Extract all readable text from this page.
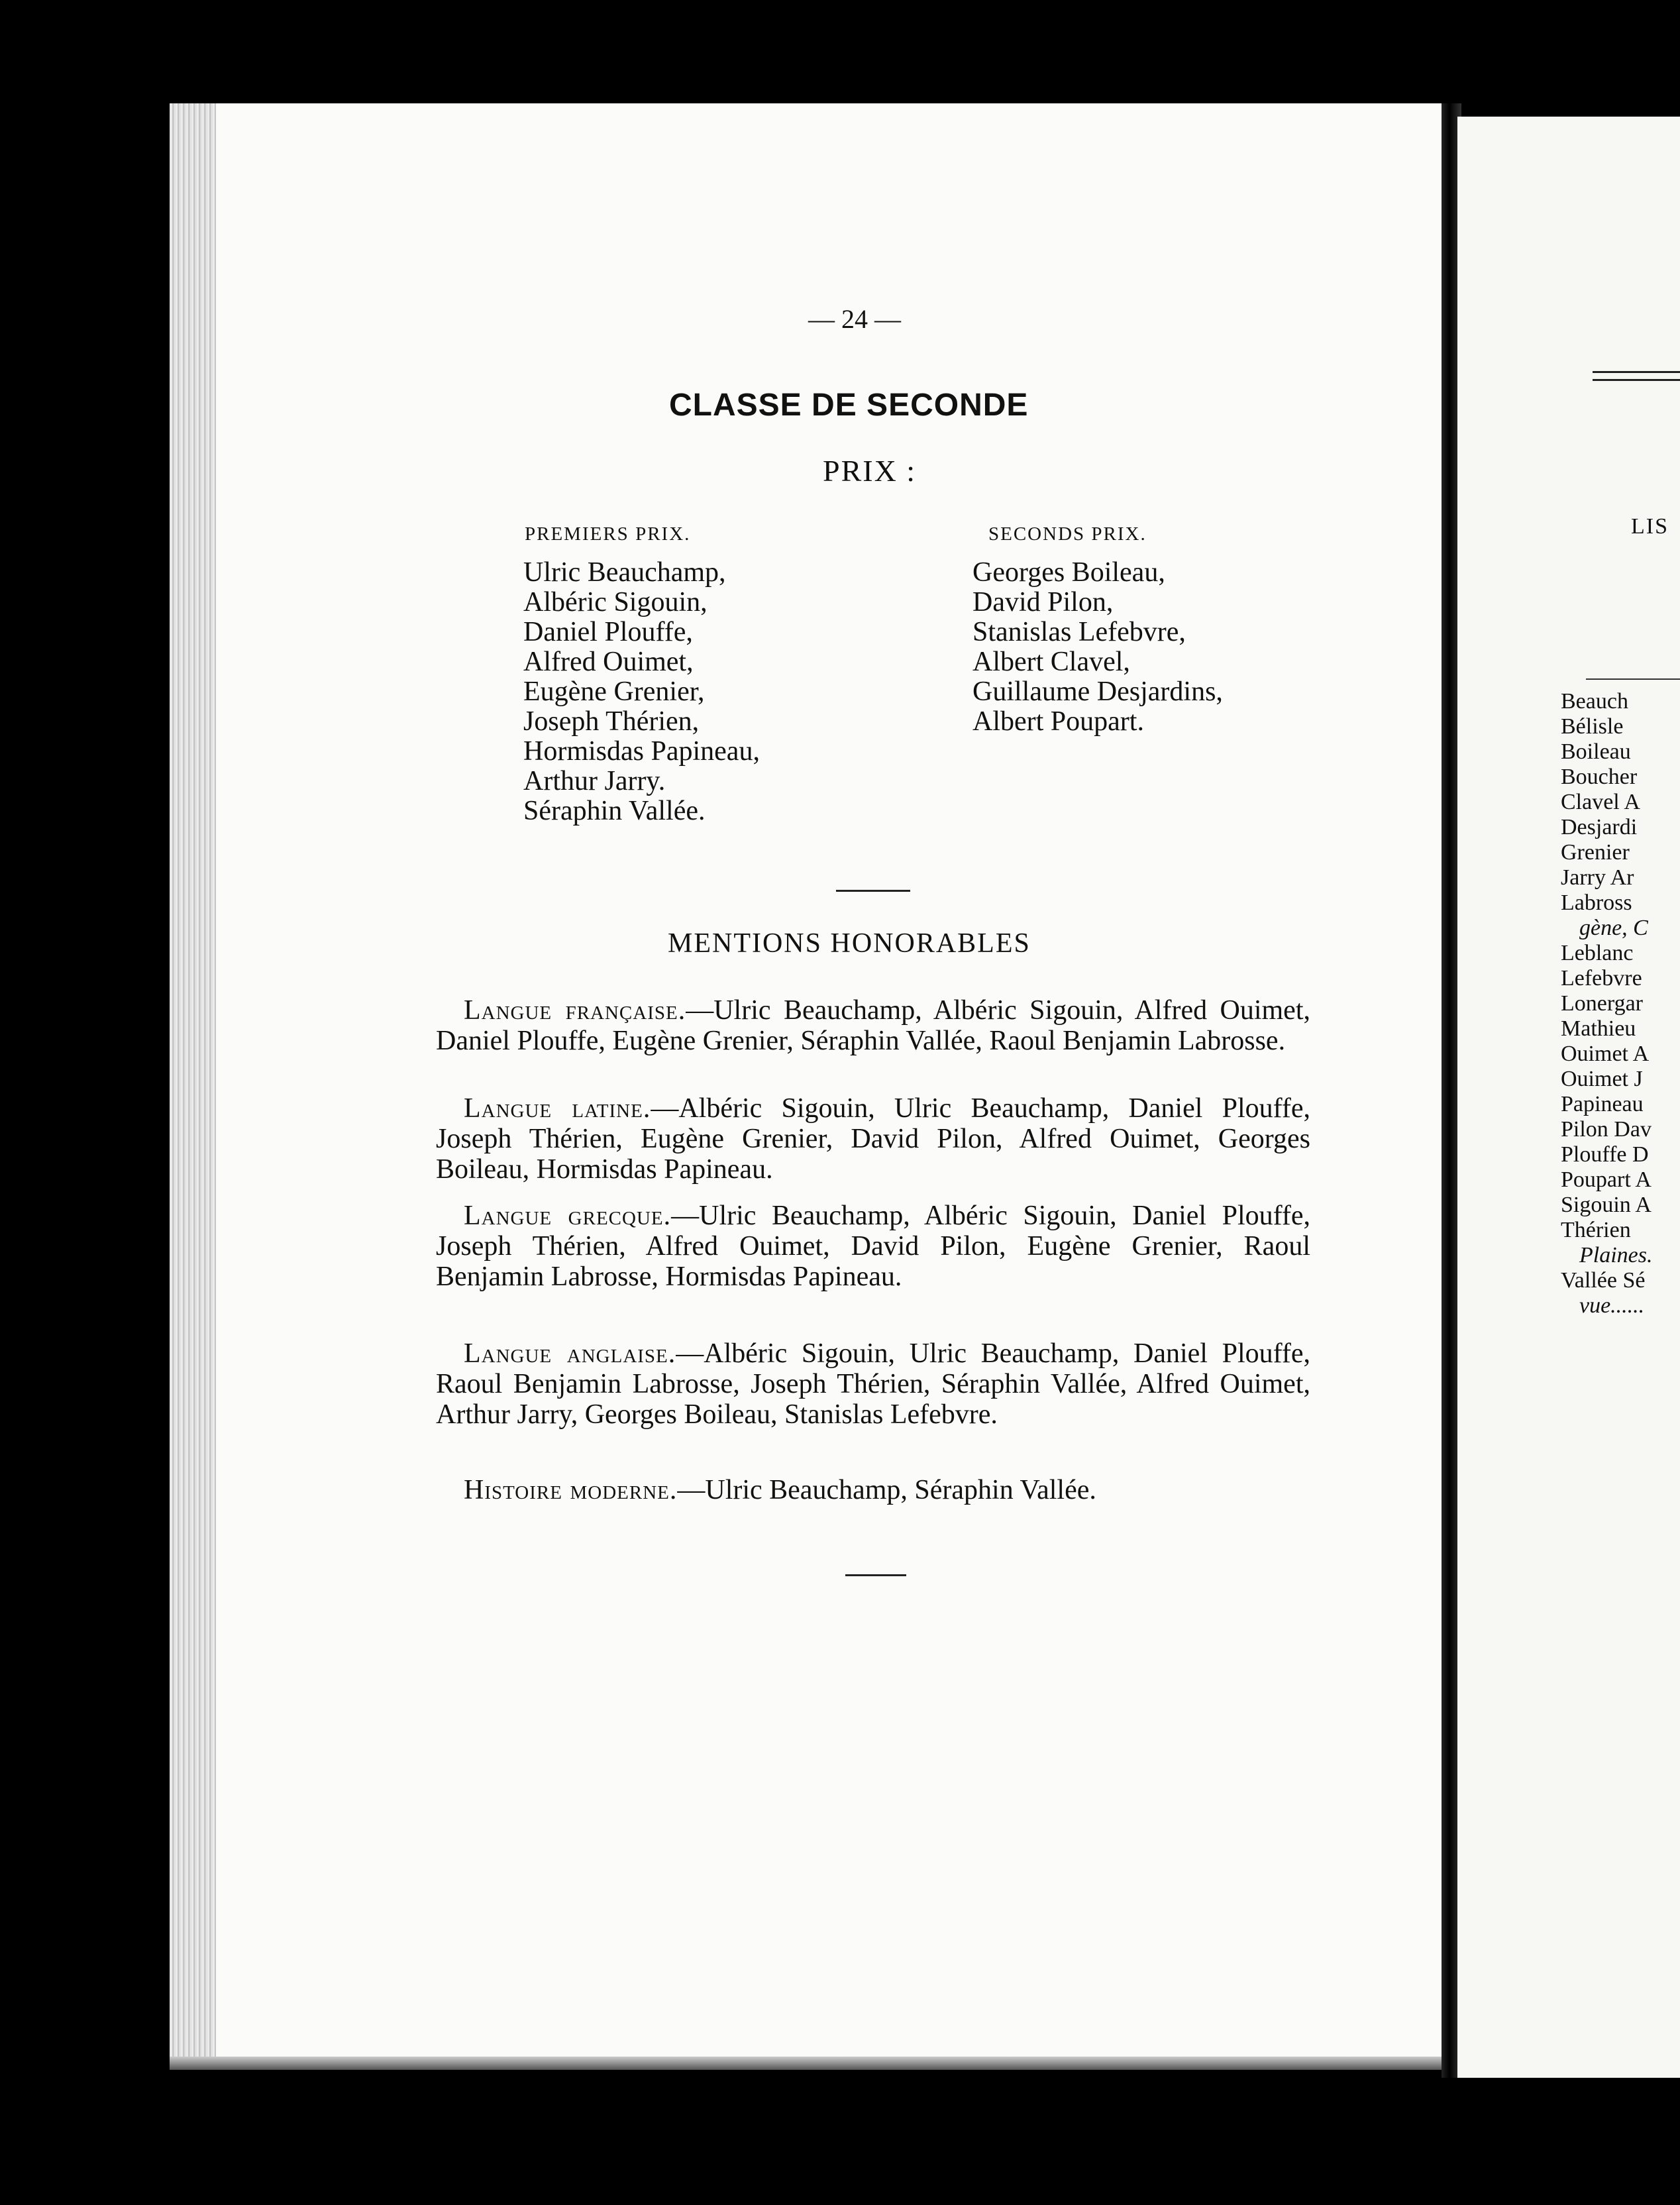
— 24 —
CLASSE DE SECONDE
PRIX :
PREMIERS PRIX.	SECONDS PRIX.
Ulric Beauchamp,
Albéric Sigouin,
Daniel Plouffe,
Alfred Ouimet,
Eugène Grenier,
Joseph Thérien,
Hormisdas Papineau,
Arthur Jarry.
Séraphin Vallée.
Georges Boileau,
David Pilon,
Stanislas Lefebvre,
Albert Clavel,
Guillaume Desjardins,
Albert Poupart.
MENTIONS HONORABLES

Langue française.—Ulric Beauchamp, Albéric Sigouin, Alfred Ouimet, Daniel Plouffe, Eugène Grenier, Séraphin Vallée, Raoul Benjamin Labrosse.

Langue latine.—Albéric Sigouin, Ulric Beauchamp, Daniel Plouffe, Joseph Thérien, Eugène Grenier, David Pilon, Alfred Ouimet, Georges Boileau, Hormisdas Papineau.

Langue grecque.—Ulric Beauchamp, Albéric Sigouin, Daniel Plouffe, Joseph Thérien, Alfred Ouimet, David Pilon, Eugène Grenier, Raoul Benjamin Labrosse, Hormisdas Papineau.

Langue anglaise.—Albéric Sigouin, Ulric Beauchamp, Daniel Plouffe, Raoul Benjamin Labrosse, Joseph Thérien, Séraphin Vallée, Alfred Ouimet, Arthur Jarry, Georges Boileau, Stanislas Lefebvre.

Histoire moderne.—Ulric Beauchamp, Séraphin Vallée.

LIS
Beauch
Bélisle
Boileau
Boucher
Clavel A
Desjardi
Grenier
Jarry Ar
Labross
gène, C
Leblanc
Lefebvre
Lonergar
Mathieu
Ouimet A
Ouimet J
Papineau
Pilon Dav
Plouffe D
Poupart A
Sigouin A
Thérien
Plaines.
Vallée Sé
vue......
